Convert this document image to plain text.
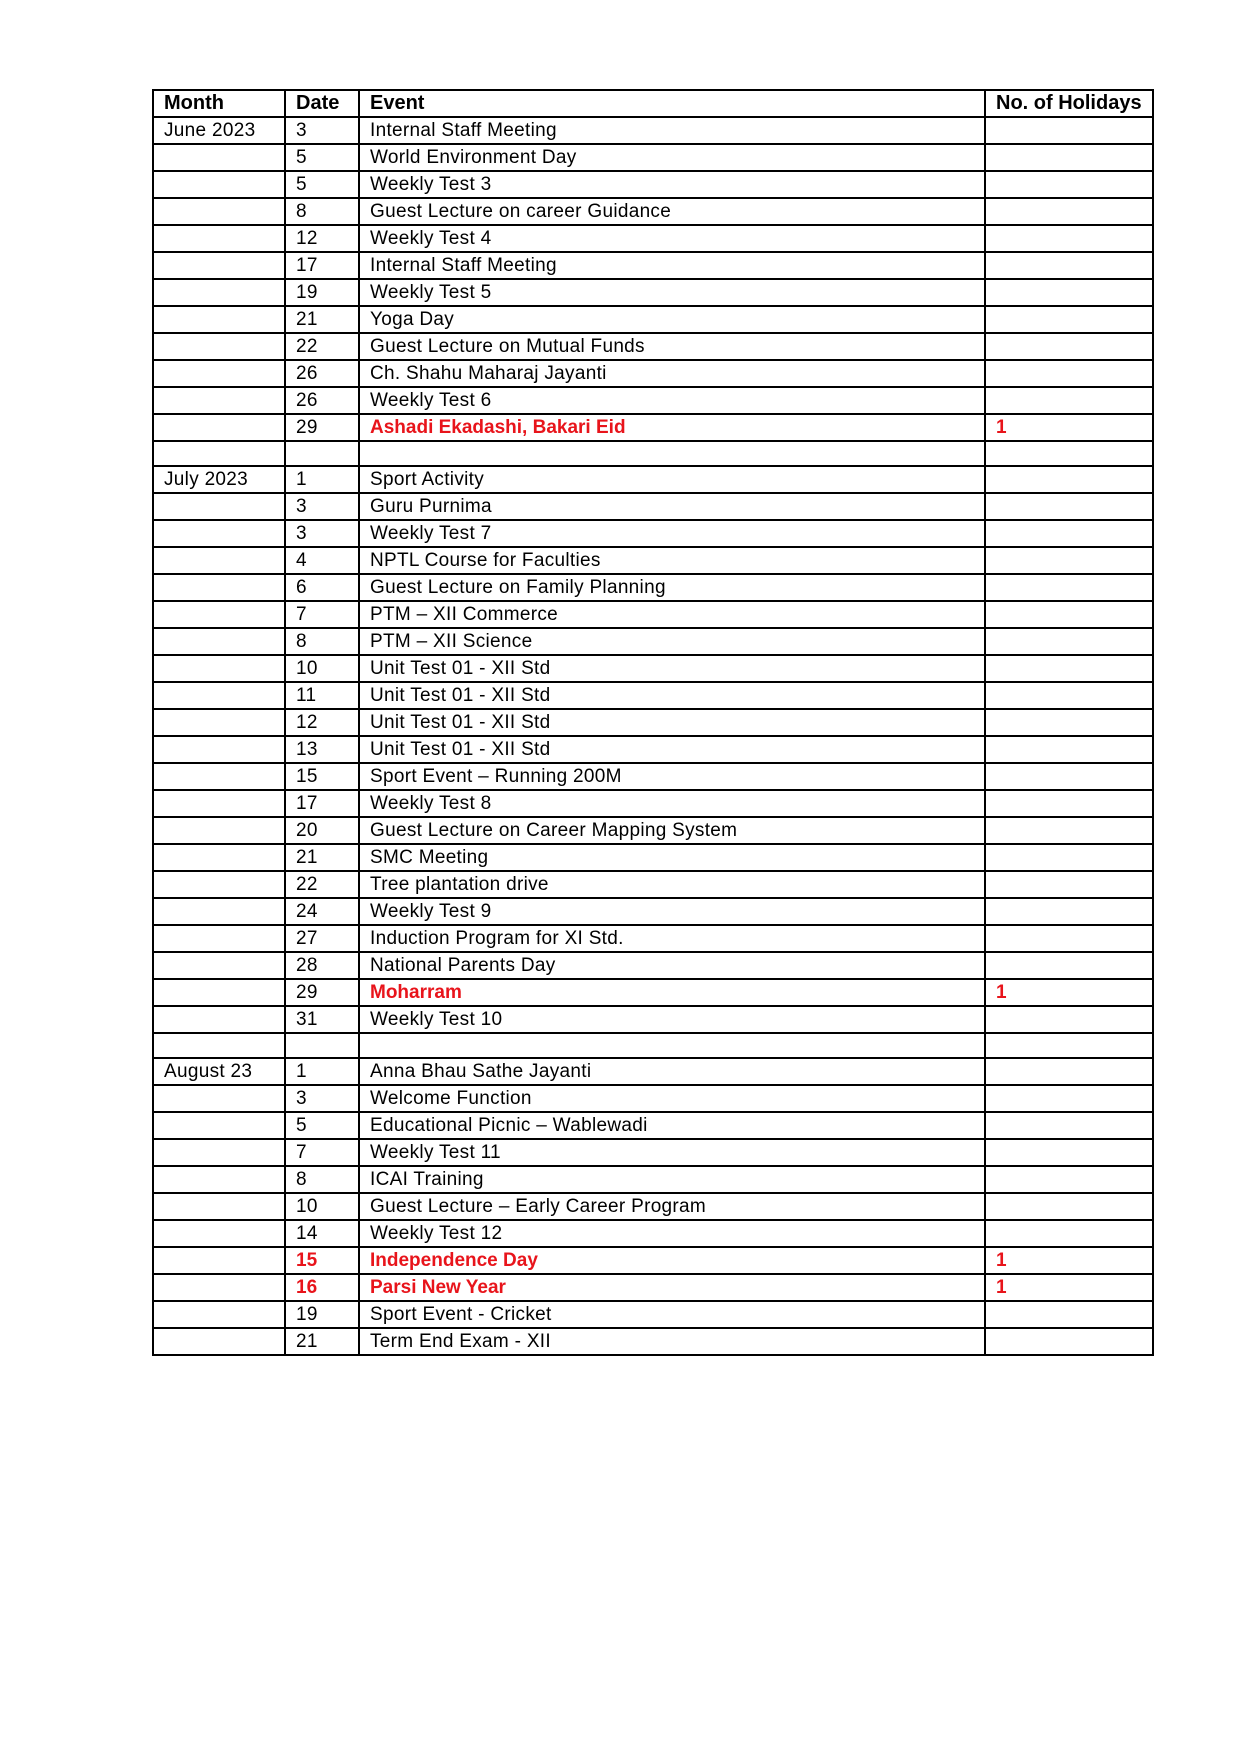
Month	Date	Event	No. of Holidays
June 2023	3	Internal Staff Meeting	
	5	World Environment Day	
	5	Weekly Test 3	
	8	Guest Lecture on career Guidance	
	12	Weekly Test 4	
	17	Internal Staff Meeting	
	19	Weekly Test 5	
	21	Yoga Day	
	22	Guest Lecture on Mutual Funds	
	26	Ch. Shahu Maharaj Jayanti	
	26	Weekly Test 6	
	29	Ashadi Ekadashi, Bakari Eid	1

July 2023	1	Sport Activity	
	3	Guru Purnima	
	3	Weekly Test 7	
	4	NPTL Course for Faculties	
	6	Guest Lecture on Family Planning	
	7	PTM – XII Commerce	
	8	PTM – XII Science	
	10	Unit Test 01 - XII Std	
	11	Unit Test 01 - XII Std	
	12	Unit Test 01 - XII Std	
	13	Unit Test 01 - XII Std	
	15	Sport Event – Running 200M	
	17	Weekly Test 8	
	20	Guest Lecture on Career Mapping System	
	21	SMC Meeting	
	22	Tree plantation drive	
	24	Weekly Test 9	
	27	Induction Program for XI Std.	
	28	National Parents Day	
	29	Moharram	1
	31	Weekly Test 10	

August 23	1	Anna Bhau Sathe Jayanti	
	3	Welcome Function	
	5	Educational Picnic – Wablewadi	
	7	Weekly Test 11	
	8	ICAI Training	
	10	Guest Lecture – Early Career Program	
	14	Weekly Test 12	
	15	Independence Day	1
	16	Parsi New Year	1
	19	Sport Event - Cricket	
	21	Term End Exam - XII	
